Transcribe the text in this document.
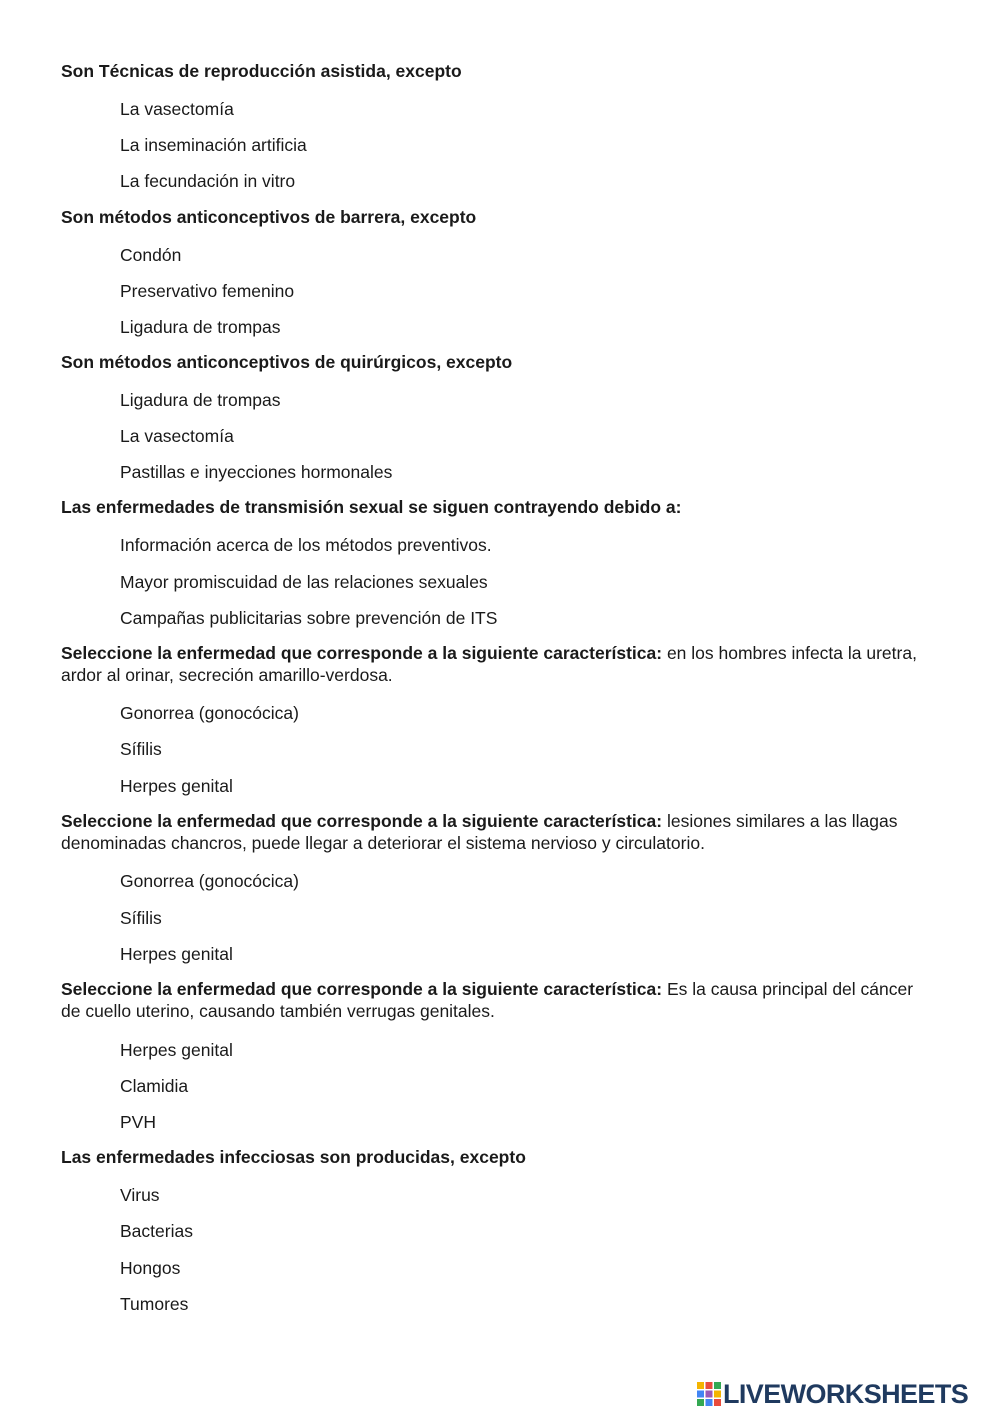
Son Técnicas de reproducción asistida, excepto
La vasectomía
La inseminación artificia
La fecundación in vitro
Son métodos anticonceptivos de barrera, excepto
Condón
Preservativo femenino
Ligadura de trompas
Son métodos anticonceptivos de quirúrgicos, excepto
Ligadura de trompas
La vasectomía
Pastillas e inyecciones hormonales
Las enfermedades de transmisión sexual se siguen contrayendo debido a:
Información acerca de los métodos preventivos.
Mayor promiscuidad de las relaciones sexuales
Campañas publicitarias sobre prevención de ITS
Seleccione la enfermedad que corresponde a la siguiente característica: en los hombres infecta la uretra, ardor al orinar, secreción amarillo-verdosa.
Gonorrea (gonocócica)
Sífilis
Herpes genital
Seleccione la enfermedad que corresponde a la siguiente característica: lesiones similares a las llagas denominadas chancros, puede llegar a deteriorar el sistema nervioso y circulatorio.
Gonorrea (gonocócica)
Sífilis
Herpes genital
Seleccione la enfermedad que corresponde a la siguiente característica: Es la causa principal del cáncer de cuello uterino, causando también verrugas genitales.
Herpes genital
Clamidia
PVH
Las enfermedades infecciosas son producidas, excepto
Virus
Bacterias
Hongos
Tumores
LIVEWORKSHEETS
